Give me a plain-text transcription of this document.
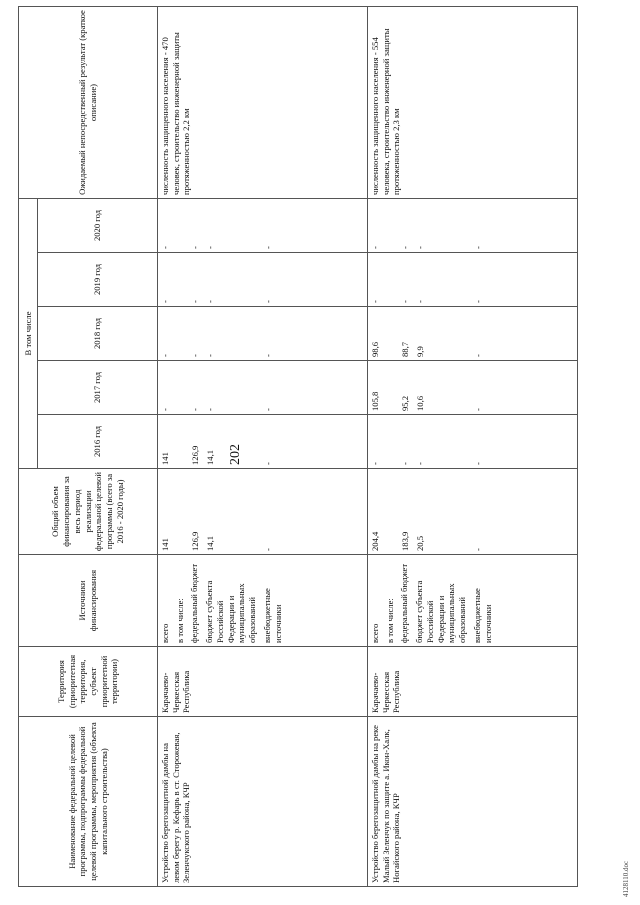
202
Наименование федеральной целевой программы, подпрограммы федеральной целевой программы, мероприятия (объекта капитального строительства)	Территория (приоритетная территория, субъект приоритетной территории)	Источники финансирования	Общий объем финансирования за весь период реализации федеральной целевой программы (всего за 2016 - 2020 годы)	В том числе					Ожидаемый непосредственный результат (краткое описание)
				2016 год	2017 год	2018 год	2019 год	2020 год	
Устройство берегозащитной дамбы на левом берегу р. Кефарь в ст. Сторожевая, Зеленчукского района, КЧР	Карачаево-Черкесская Республика	всего в том числе: федеральный бюджет бюджет субъекта Российской Федерации и муниципальных образований внебюджетные источники	141 126,9 14,1 -	141 126,9 14,1 -	- - - -	- - - -	- - - -	- - - -	численность защищенного населения - 470 человек, строительство инженерной защиты протяженностью 2,2 км
Устройство берегозащитной дамбы на реке Малый Зеленчук по защите а. Икон-Халк, Ногайского района, КЧР	Карачаево-Черкесская Республика	всего в том числе: федеральный бюджет бюджет субъекта Российской Федерации и муниципальных образований внебюджетные источники	204,4 183,9 20,5 -	- - - -	105,8 95,2 10,6 -	98,6 88,7 9,9 -	- - - -	- - - -	численность защищенного населения - 554 человека, строительство инженерной защиты протяженностью 2,3 км
4128110.doc
